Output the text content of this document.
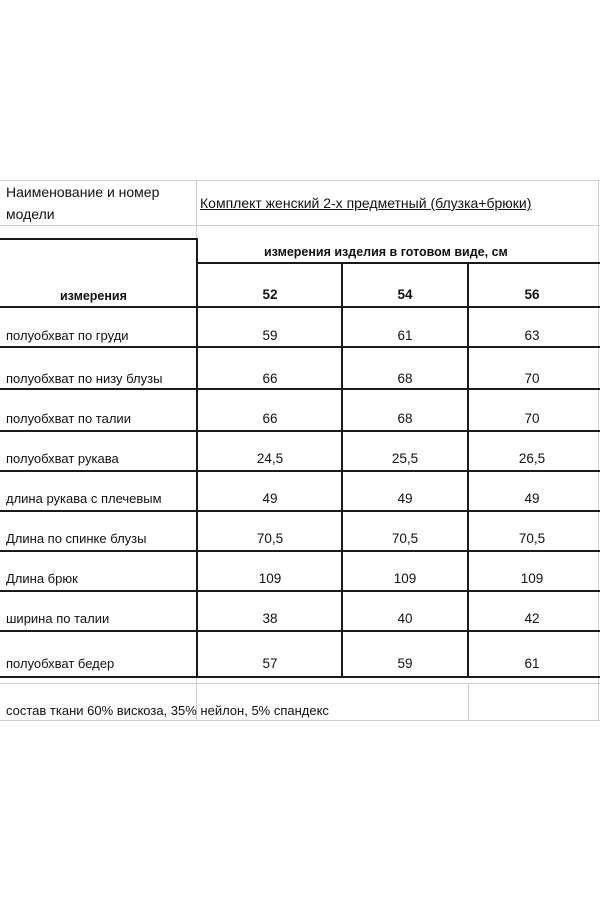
Наименование и номер
модели
Комплект женский 2-х предметный (блузка+брюки)
измерения изделия в готовом виде, см
измерения	52	54	56
полуобхват по груди	59	61	63
полуобхват по низу блузы	66	68	70
полуобхват по талии	66	68	70
полуобхват рукава	24,5	25,5	26,5
длина рукава с плечевым	49	49	49
Длина по спинке блузы	70,5	70,5	70,5
Длина брюк	109	109	109
ширина по талии	38	40	42
полуобхват бедер	57	59	61
состав ткани 60% вискоза, 35% нейлон, 5% спандекс
